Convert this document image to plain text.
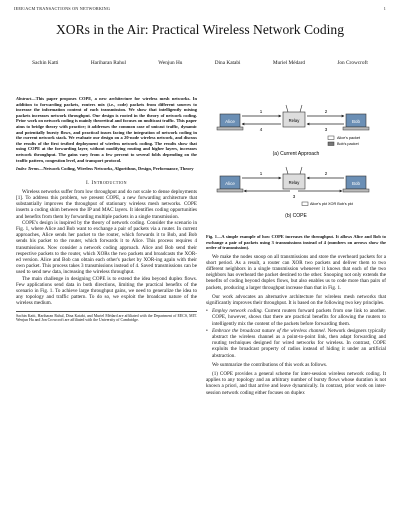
IEEE/ACM TRANSACTIONS ON NETWORKING	1
XORs in the Air: Practical Wireless Network Coding
Sachin Katti	Hariharan Rahul	Wenjun Hu	Dina Katabi	Muriel Médard	Jon Crowcroft
Abstract—This paper proposes COPE, a new architecture for wireless mesh networks. In addition to forwarding packets, routers mix (i.e., code) packets from different sources to increase the information content of each transmission. We show that intelligently mixing packets increases network throughput. Our design is rooted in the theory of network coding. Prior work on network coding is mainly theoretical and focuses on multicast traffic. This paper aims to bridge theory with practice; it addresses the common case of unicast traffic, dynamic and potentially bursty flows, and practical issues facing the integration of network coding in the current network stack. We evaluate our design on a 20-node wireless network, and discuss the results of the first testbed deployment of wireless network coding. The results show that using COPE at the forwarding layer, without modifying routing and higher layers, increases network throughput. The gains vary from a few percent to several folds depending on the traffic pattern, congestion level, and transport protocol.
Index Terms—Network Coding, Wireless Networks, Algorithms, Design, Performance, Theory
I. Introduction

Wireless networks suffer from low throughput and do not scale to dense deployments [1]. To address this problem, we present COPE, a new forwarding architecture that substantially improves the throughput of stationary wireless mesh networks. COPE inserts a coding shim between the IP and MAC layers. It identifies coding opportunities and benefits from them by forwarding multiple packets in a single transmission.

COPE's design is inspired by the theory of network coding. Consider the scenario in Fig. 1, where Alice and Bob want to exchange a pair of packets via a router. In current approaches, Alice sends her packet to the router, which forwards it to Bob, and Bob sends his packet to the router, which forwards it to Alice. This process requires 4 transmissions. Now consider a network coding approach. Alice and Bob send their respective packets to the router, which XORs the two packets and broadcasts the XOR-ed version. Alice and Bob can obtain each other's packet by XOR-ing again with their own packet. This process takes 3 transmissions instead of 4. Saved transmissions can be used to send new data, increasing the wireless throughput.

The main challenge in designing COPE is to extend the idea beyond duplex flows. Few applications send data in both directions, limiting the practical benefits of the scenario in Fig. 1. To achieve large throughput gains, we need to generalize the idea to any topology and traffic pattern. To do so, we exploit the broadcast nature of the wireless medium.

Sachin Katti, Hariharan Rahul, Dina Katabi, and Muriel Médard are affiliated with the Department of EECS, MIT. Wenjun Hu and Jon Crowcroft are affiliated with the University of Cambridge.
Alice	Relay	Bob
1	2
3
4
Alice's packet
Bob's packet
(a) Current Approach
Alice	Relay	Bob
1	2
3
Alice's pkt XOR Bob's pkt
(b) COPE
Fig. 1—A simple example of how COPE increases the throughput. It allows Alice and Bob to exchange a pair of packets using 3 transmissions instead of 4 (numbers on arrows show the order of transmission).

We make the nodes snoop on all transmissions and store the overheard packets for a short period. As a result, a router can XOR two packets and deliver them to two different neighbors in a single transmission whenever it knows that each of the two neighbors has overheard the packet destined to the other. Snooping not only extends the benefits of coding beyond duplex flows, but also enables us to code more than pairs of packets, producing a larger throughput increase than that in Fig. 1.

Our work advocates an alternative architecture for wireless mesh networks that significantly improves their throughput. It is based on the following two key principles.

• Employ network coding. Current routers forward packets from one link to another. COPE, however, shows that there are practical benefits for allowing the routers to intelligently mix the content of the packets before forwarding them.
• Embrace the broadcast nature of the wireless channel. Network designers typically abstract the wireless channel as a point-to-point link, then adapt forwarding and routing techniques designed for wired networks for wireless. In contrast, COPE exploits the broadcast property of radios instead of hiding it under an artificial abstraction.

We summarize the contributions of this work as follows.

(1) COPE provides a general scheme for inter-session wireless network coding. It applies to any topology and an arbitrary number of bursty flows whose duration is not known a priori, and that arrive and leave dynamically. In contrast, prior work on inter-session network coding either focuses on duplex
